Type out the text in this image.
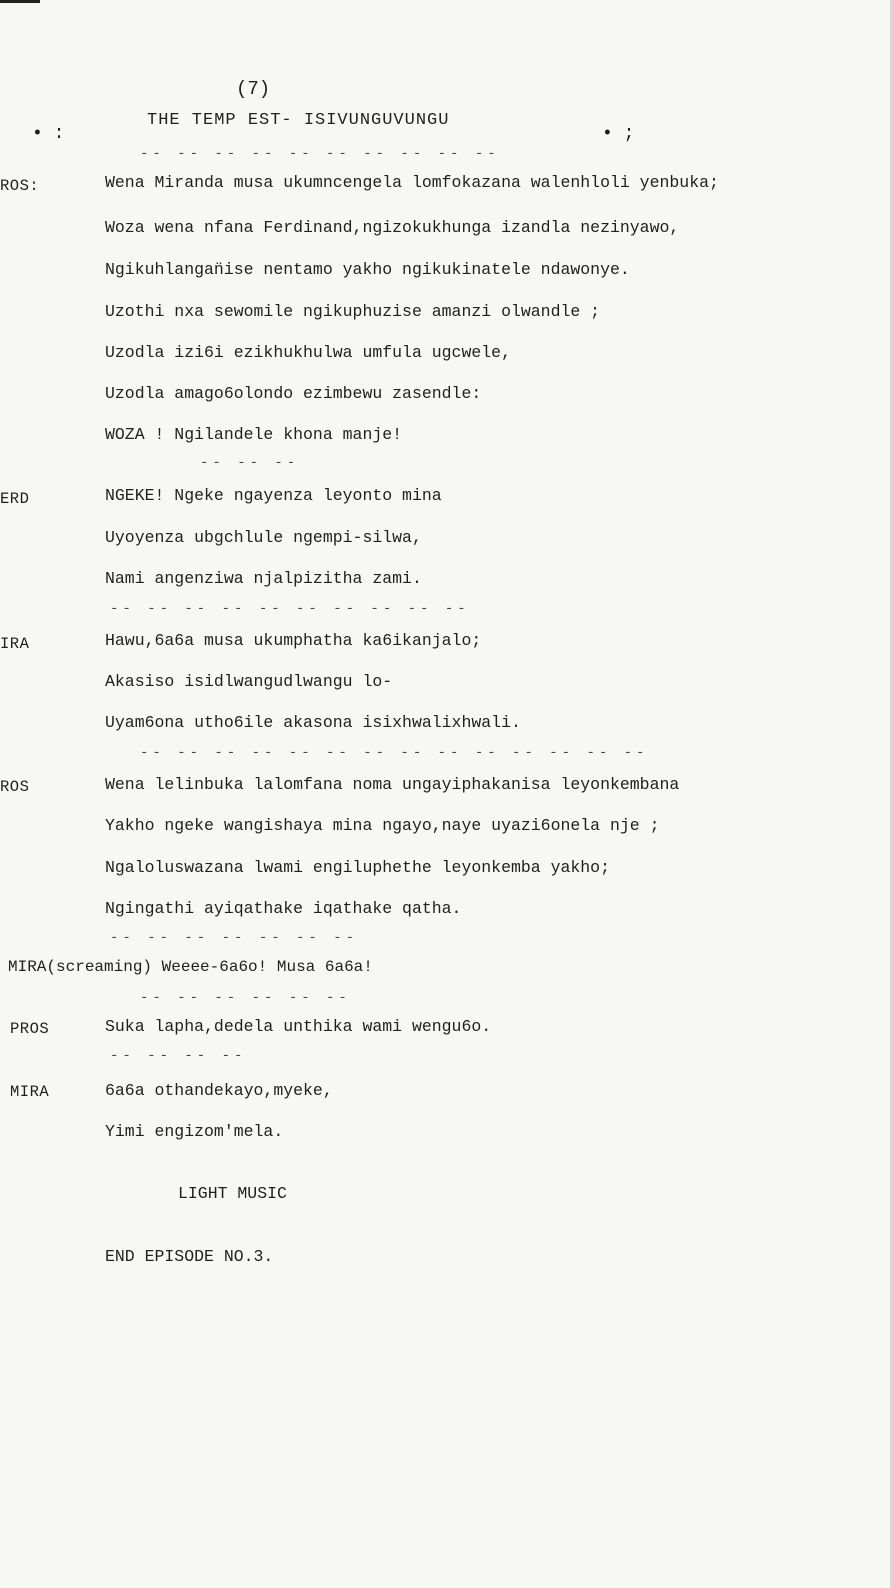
(7)
THE TEMP EST- ISIVUNGUVUNGU
• :	• ;
-- -- -- -- -- -- -- -- -- --
ROS:	Wena Mirandа musa ukumncengela lomfokazana walenhloli yenbuka;
Woza wena nfana Ferdinand,ngizokukhunga izandla nezinyawo,
Ngikuhlangan̈ise nentamo yakho ngikukinatele ndawonye.
Uzothi nxa sewomile ngikuphuzise amanzi olwandle ;
Uzodla izi6i ezikhukhulwa umfula ugcwele,
Uzodla amago6olondo ezimbewu zasendle:
WOZA ! Ngilandele khona manje!
-- -- --
ERD	NGEKE! Ngeke ngayenza leyonto mina
Uyoyenza ubgchlule ngempi-silwa,
Nami angenziwa njalpizitha zami.
-- -- -- -- -- -- -- -- -- --
IRA	Hawu,6a6a musa ukumphatha ka6ikanjalo;
Akasiso isidlwangudlwangu lo-
Uyam6ona utho6ile akasona isixhwalixhwali.
-- -- -- -- -- -- -- -- -- -- -- -- -- --
ROS	Wena lelinbuka lalomfana noma ungayiphakanisa leyonkembana
Yakho ngeke wangishaya mina ngayo,naye uyazi6onela nje ;
Ngaloluswazana lwami engiluphethe leyonkemba yakho;
Ngingathi ayiqathake iqathake qatha.
-- -- -- -- -- -- --
MIRA(screaming) Weeee-6a6o! Musa 6a6a!
-- -- -- -- -- --
PROS	Suka lapha,dedela unthika wami wengu6o.
-- -- -- --
MIRA	6a6a othandekayo,myeke,
Yimi engizom'mela.
LIGHT MUSIC
END EPISODE NO.3.
